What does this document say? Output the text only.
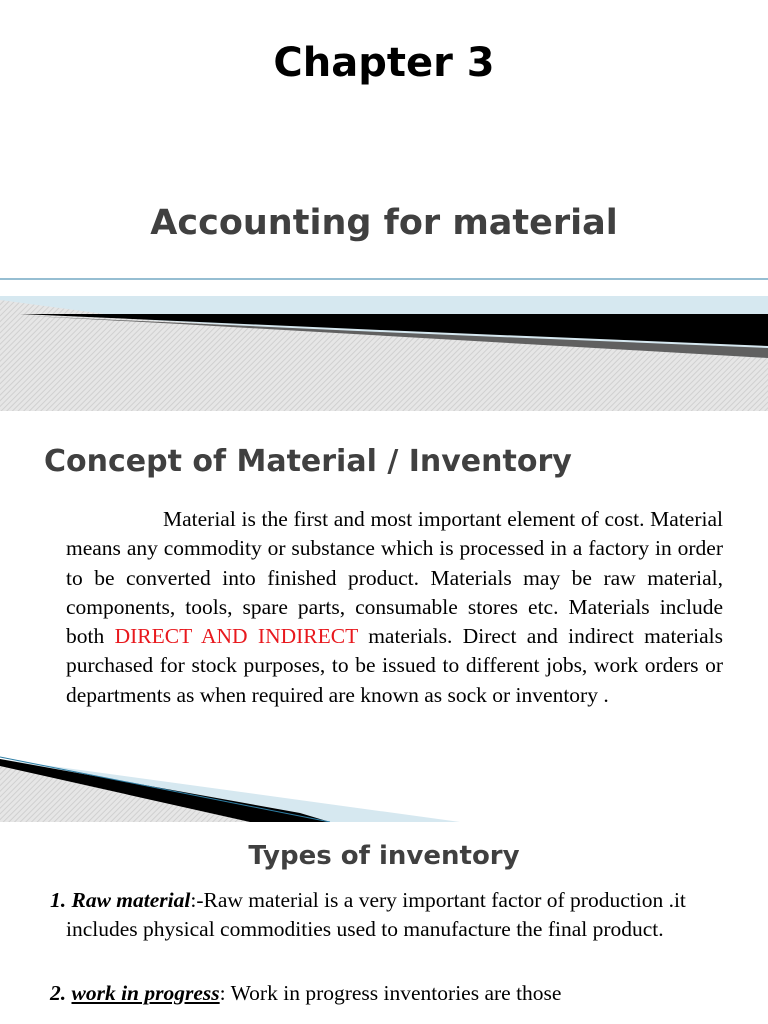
Chapter 3
Accounting for material
Concept of Material / Inventory

Material is the first and most important element of cost. Material means any commodity or substance which is processed in a factory in order to be converted into finished product. Materials may be raw material, components, tools, spare parts, consumable stores etc. Materials include both DIRECT AND INDIRECT materials. Direct and indirect materials purchased for stock purposes, to be issued to different jobs, work orders or departments as when required are known as sock or inventory .

Types of inventory
1. Raw material:-Raw material is a very important factor of production .it includes physical commodities used to manufacture the final product.
2. work in progress: Work in progress inventories are those
